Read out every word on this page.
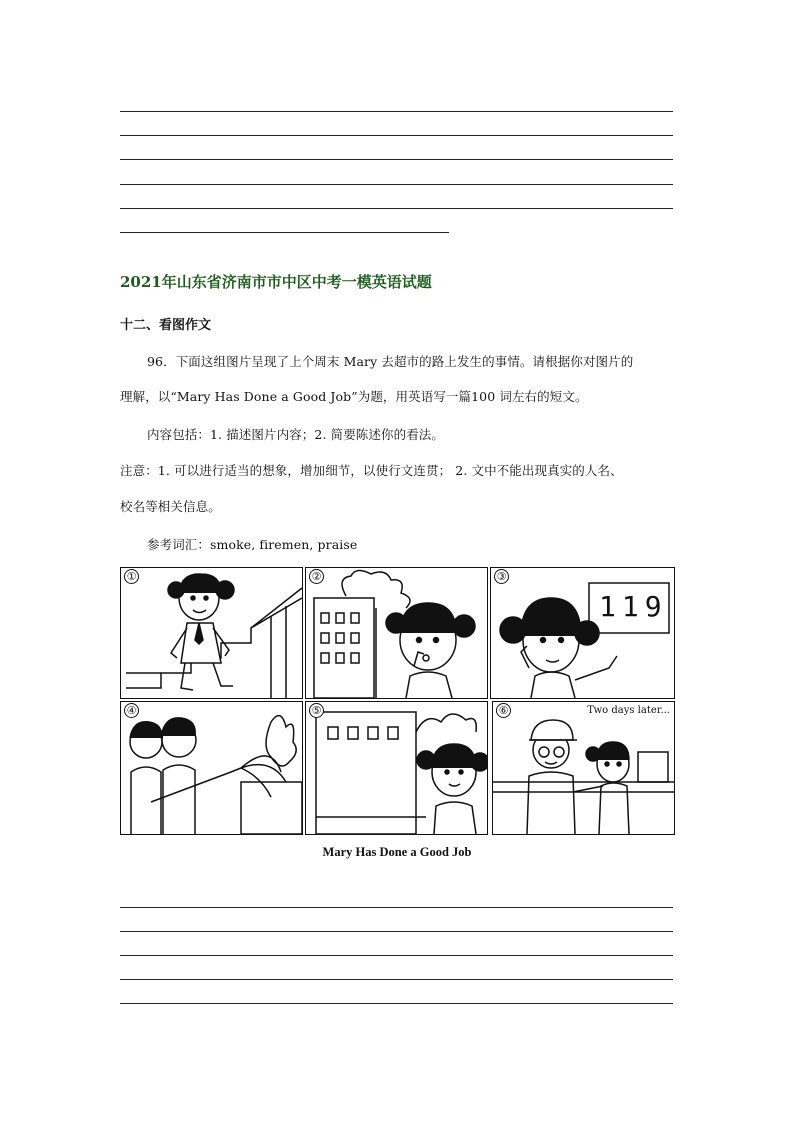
2021年山东省济南市市中区中考一模英语试题
十二、看图作文
96．下面这组图片呈现了上个周末 Mary 去超市的路上发生的事情。请根据你对图片的
理解，以“Mary Has Done a Good Job”为题，用英语写一篇100 词左右的短文。
内容包括：1. 描述图片内容；2. 简要陈述你的看法。
注意：1. 可以进行适当的想象，增加细节，以使行文连贯； 2. 文中不能出现真实的人名、
校名等相关信息。
参考词汇：smoke, firemen, praise
①	②
119
③
④	⑤	Two days later...
⑥
Mary Has Done a Good Job
